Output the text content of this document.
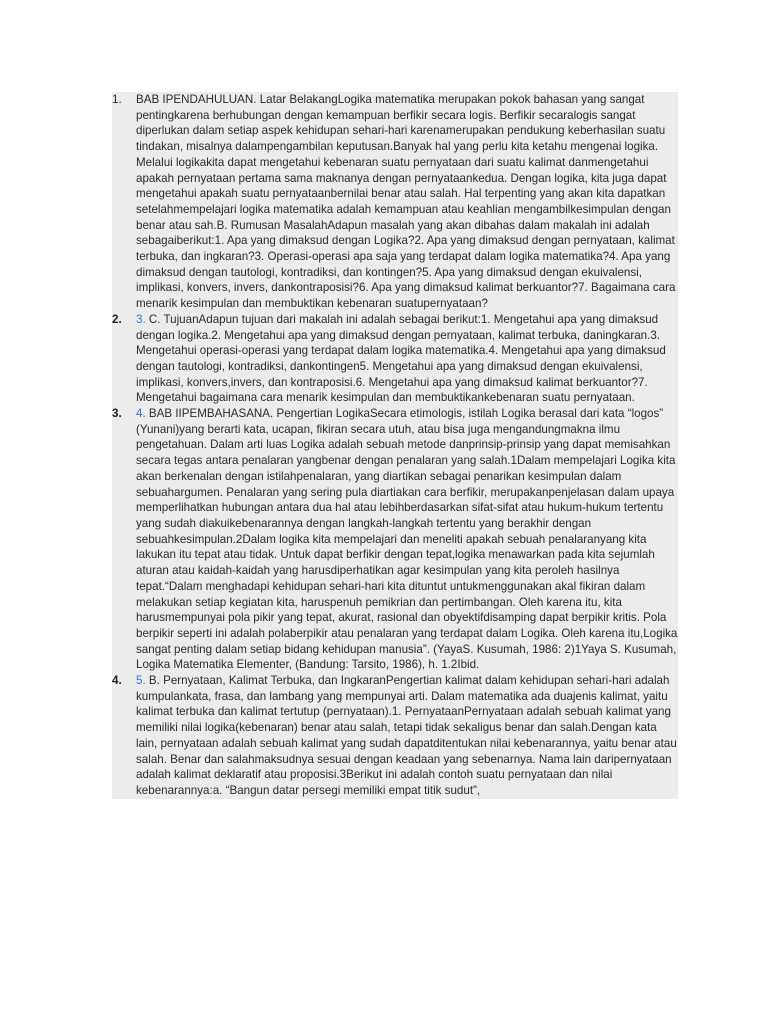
1. BAB IPENDAHULUAN. Latar BelakangLogika matematika merupakan pokok bahasan yang sangat pentingkarena berhubungan dengan kemampuan berfikir secara logis. Berfikir secaralogis sangat diperlukan dalam setiap aspek kehidupan sehari-hari karenamerupakan pendukung keberhasilan suatu tindakan, misalnya dalampengambilan keputusan.Banyak hal yang perlu kita ketahu mengenai logika. Melalui logikakita dapat mengetahui kebenaran suatu pernyataan dari suatu kalimat danmengetahui apakah pernyataan pertama sama maknanya dengan pernyataankedua. Dengan logika, kita juga dapat mengetahui apakah suatu pernyataanbernilai benar atau salah. Hal terpenting yang akan kita dapatkan setelahmempelajari logika matematika adalah kemampuan atau keahlian mengambilkesimpulan dengan benar atau sah.B. Rumusan MasalahAdapun masalah yang akan dibahas dalam makalah ini adalah sebagaiberikut:1. Apa yang dimaksud dengan Logika?2. Apa yang dimaksud dengan pernyataan, kalimat terbuka, dan ingkaran?3. Operasi-operasi apa saja yang terdapat dalam logika matematika?4. Apa yang dimaksud dengan tautologi, kontradiksi, dan kontingen?5. Apa yang dimaksud dengan ekuivalensi, implikasi, konvers, invers, dankontraposisi?6. Apa yang dimaksud kalimat berkuantor?7. Bagaimana cara menarik kesimpulan dan membuktikan kebenaran suatupernyataan?
2. 3. C. TujuanAdapun tujuan dari makalah ini adalah sebagai berikut:1. Mengetahui apa yang dimaksud dengan logika.2. Mengetahui apa yang dimaksud dengan pernyataan, kalimat terbuka, daningkaran.3. Mengetahui operasi-operasi yang terdapat dalam logika matematika.4. Mengetahui apa yang dimaksud dengan tautologi, kontradiksi, dankontingen5. Mengetahui apa yang dimaksud dengan ekuivalensi, implikasi, konvers,invers, dan kontraposisi.6. Mengetahui apa yang dimaksud kalimat berkuantor?7. Mengetahui bagaimana cara menarik kesimpulan dan membuktikankebenaran suatu pernyataan.
3. 4. BAB IIPEMBAHASANA. Pengertian LogikaSecara etimologis, istilah Logika berasal dari kata “logos” (Yunani)yang berarti kata, ucapan, fikiran secara utuh, atau bisa juga mengandungmakna ilmu pengetahuan. Dalam arti luas Logika adalah sebuah metode danprinsip-prinsip yang dapat memisahkan secara tegas antara penalaran yangbenar dengan penalaran yang salah.1Dalam mempelajari Logika kita akan berkenalan dengan istilahpenalaran, yang diartikan sebagai penarikan kesimpulan dalam sebuahargumen. Penalaran yang sering pula diartiakan cara berfikir, merupakanpenjelasan dalam upaya memperlihatkan hubungan antara dua hal atau lebihberdasarkan sifat-sifat atau hukum-hukum tertentu yang sudah diakuikebenarannya dengan langkah-langkah tertentu yang berakhir dengan sebuahkesimpulan.2Dalam logika kita mempelajari dan meneliti apakah sebuah penalaranyang kita lakukan itu tepat atau tidak. Untuk dapat berfikir dengan tepat,logika menawarkan pada kita sejumlah aturan atau kaidah-kaidah yang harusdiperhatikan agar kesimpulan yang kita peroleh hasilnya tepat.“Dalam menghadapi kehidupan sehari-hari kita dituntut untukmenggunakan akal fikiran dalam melakukan setiap kegiatan kita, haruspenuh pemikrian dan pertimbangan. Oleh karena itu, kita harusmempunyai pola pikir yang tepat, akurat, rasional dan obyektifdisamping dapat berpikir kritis. Pola berpikir seperti ini adalah polaberpikir atau penalaran yang terdapat dalam Logika. Oleh karena itu,Logika sangat penting dalam setiap bidang kehidupan manusia”. (YayaS. Kusumah, 1986: 2)1Yaya S. Kusumah, Logika Matematika Elementer, (Bandung: Tarsito, 1986), h. 1.2Ibid.
4. 5. B. Pernyataan, Kalimat Terbuka, dan IngkaranPengertian kalimat dalam kehidupan sehari-hari adalah kumpulankata, frasa, dan lambang yang mempunyai arti. Dalam matematika ada duajenis kalimat, yaitu kalimat terbuka dan kalimat tertutup (pernyataan).1. PernyataanPernyataan adalah sebuah kalimat yang memiliki nilai logika(kebenaran) benar atau salah, tetapi tidak sekaligus benar dan salah.Dengan kata lain, pernyataan adalah sebuah kalimat yang sudah dapatditentukan nilai kebenarannya, yaitu benar atau salah. Benar dan salahmaksudnya sesuai dengan keadaan yang sebenarnya. Nama lain daripernyataan adalah kalimat deklaratif atau proposisi.3Berikut ini adalah contoh suatu pernyataan dan nilai kebenarannya:a. “Bangun datar persegi memiliki empat titik sudut”,
